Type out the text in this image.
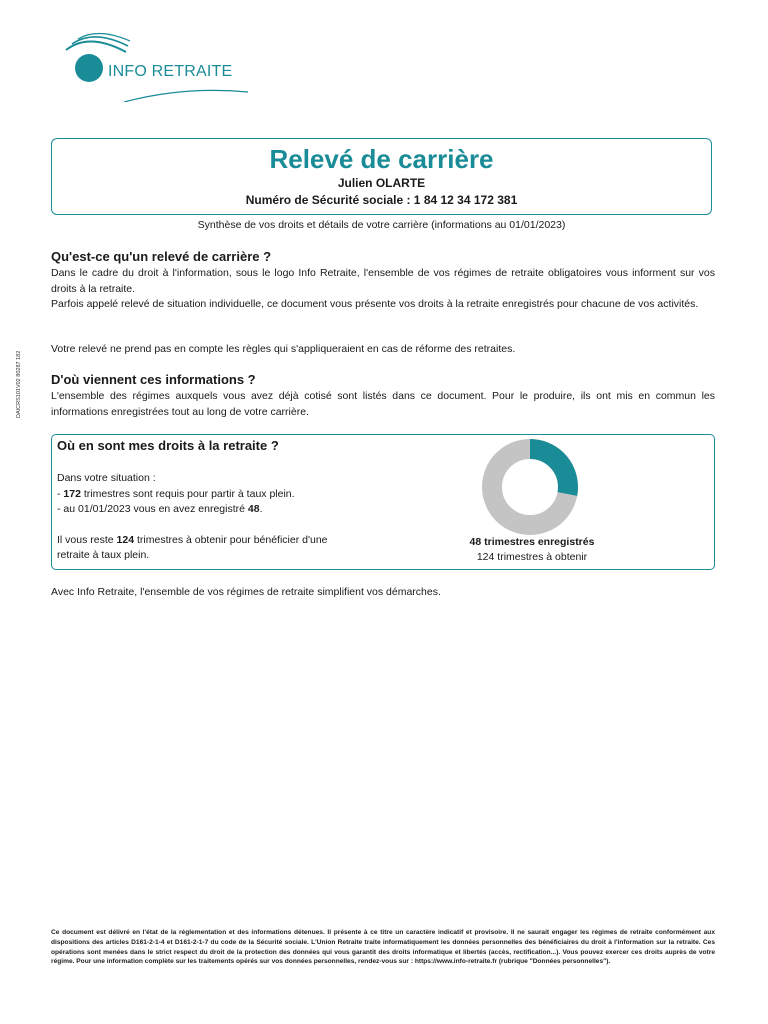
INFO RETRAITE
Relevé de carrière
Julien OLARTE
Numéro de Sécurité sociale : 1 84 12 34 172 381
Synthèse de vos droits et détails de votre carrière (informations au 01/01/2023)
Qu'est-ce qu'un relevé de carrière ?
Dans le cadre du droit à l'information, sous le logo Info Retraite, l'ensemble de vos régimes de retraite obligatoires vous informent sur vos droits à la retraite.
Parfois appelé relevé de situation individuelle, ce document vous présente vos droits à la retraite enregistrés pour chacune de vos activités.
Votre relevé ne prend pas en compte les règles qui s'appliqueraient en cas de réforme des retraites.
D'où viennent ces informations ?
L'ensemble des régimes auxquels vous avez déjà cotisé sont listés dans ce document. Pour le produire, ils ont mis en commun les informations enregistrées tout au long de votre carrière.
Où en sont mes droits à la retraite ?
Dans votre situation :
- 172 trimestres sont requis pour partir à taux plein.
- au 01/01/2023 vous en avez enregistré 48.
Il vous reste 124 trimestres à obtenir pour bénéficier d'une retraite à taux plein.
48 trimestres enregistrés
124 trimestres à obtenir
Avec Info Retraite, l'ensemble de vos régimes de retraite simplifient vos démarches.
DAICRS101V02 80287 182
Ce document est délivré en l'état de la réglementation et des informations détenues. Il présente à ce titre un caractère indicatif et provisoire. Il ne saurait engager les régimes de retraite conformément aux dispositions des articles D161-2-1-4 et D161-2-1-7 du code de la Sécurité sociale. L'Union Retraite traite informatiquement les données personnelles des bénéficiaires du droit à l'information sur la retraite. Ces opérations sont menées dans le strict respect du droit de la protection des données qui vous garantit des droits informatique et libertés (accès, rectification...). Vous pouvez exercer ces droits auprès de votre régime. Pour une information complète sur les traitements opérés sur vos données personnelles, rendez-vous sur : https://www.info-retraite.fr (rubrique "Données personnelles").
